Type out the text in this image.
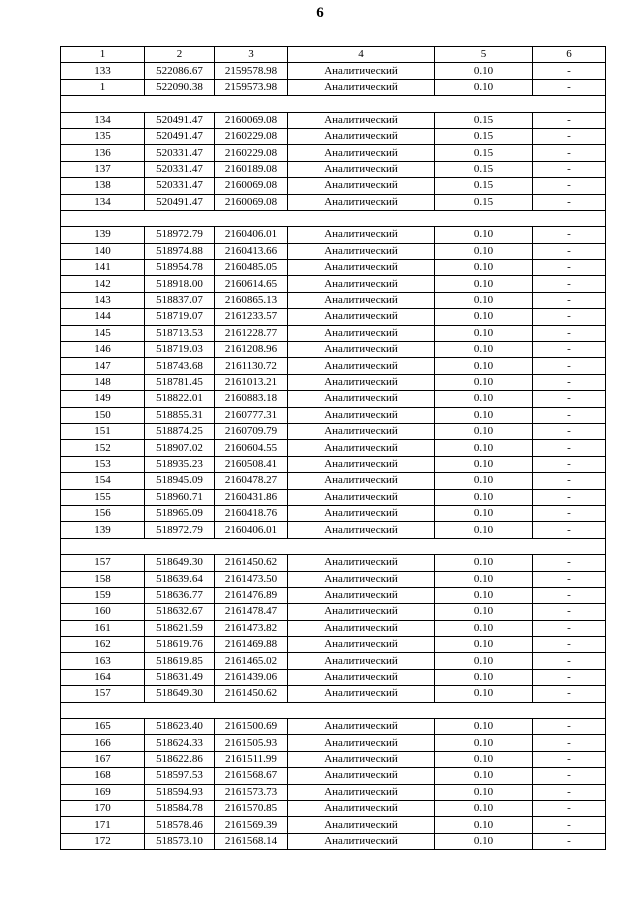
6
1	2	3	4	5	6
133	522086.67	2159578.98	Аналитический	0.10	-
1	522090.38	2159573.98	Аналитический	0.10	-

134	520491.47	2160069.08	Аналитический	0.15	-
135	520491.47	2160229.08	Аналитический	0.15	-
136	520331.47	2160229.08	Аналитический	0.15	-
137	520331.47	2160189.08	Аналитический	0.15	-
138	520331.47	2160069.08	Аналитический	0.15	-
134	520491.47	2160069.08	Аналитический	0.15	-

139	518972.79	2160406.01	Аналитический	0.10	-
140	518974.88	2160413.66	Аналитический	0.10	-
141	518954.78	2160485.05	Аналитический	0.10	-
142	518918.00	2160614.65	Аналитический	0.10	-
143	518837.07	2160865.13	Аналитический	0.10	-
144	518719.07	2161233.57	Аналитический	0.10	-
145	518713.53	2161228.77	Аналитический	0.10	-
146	518719.03	2161208.96	Аналитический	0.10	-
147	518743.68	2161130.72	Аналитический	0.10	-
148	518781.45	2161013.21	Аналитический	0.10	-
149	518822.01	2160883.18	Аналитический	0.10	-
150	518855.31	2160777.31	Аналитический	0.10	-
151	518874.25	2160709.79	Аналитический	0.10	-
152	518907.02	2160604.55	Аналитический	0.10	-
153	518935.23	2160508.41	Аналитический	0.10	-
154	518945.09	2160478.27	Аналитический	0.10	-
155	518960.71	2160431.86	Аналитический	0.10	-
156	518965.09	2160418.76	Аналитический	0.10	-
139	518972.79	2160406.01	Аналитический	0.10	-

157	518649.30	2161450.62	Аналитический	0.10	-
158	518639.64	2161473.50	Аналитический	0.10	-
159	518636.77	2161476.89	Аналитический	0.10	-
160	518632.67	2161478.47	Аналитический	0.10	-
161	518621.59	2161473.82	Аналитический	0.10	-
162	518619.76	2161469.88	Аналитический	0.10	-
163	518619.85	2161465.02	Аналитический	0.10	-
164	518631.49	2161439.06	Аналитический	0.10	-
157	518649.30	2161450.62	Аналитический	0.10	-

165	518623.40	2161500.69	Аналитический	0.10	-
166	518624.33	2161505.93	Аналитический	0.10	-
167	518622.86	2161511.99	Аналитический	0.10	-
168	518597.53	2161568.67	Аналитический	0.10	-
169	518594.93	2161573.73	Аналитический	0.10	-
170	518584.78	2161570.85	Аналитический	0.10	-
171	518578.46	2161569.39	Аналитический	0.10	-
172	518573.10	2161568.14	Аналитический	0.10	-
